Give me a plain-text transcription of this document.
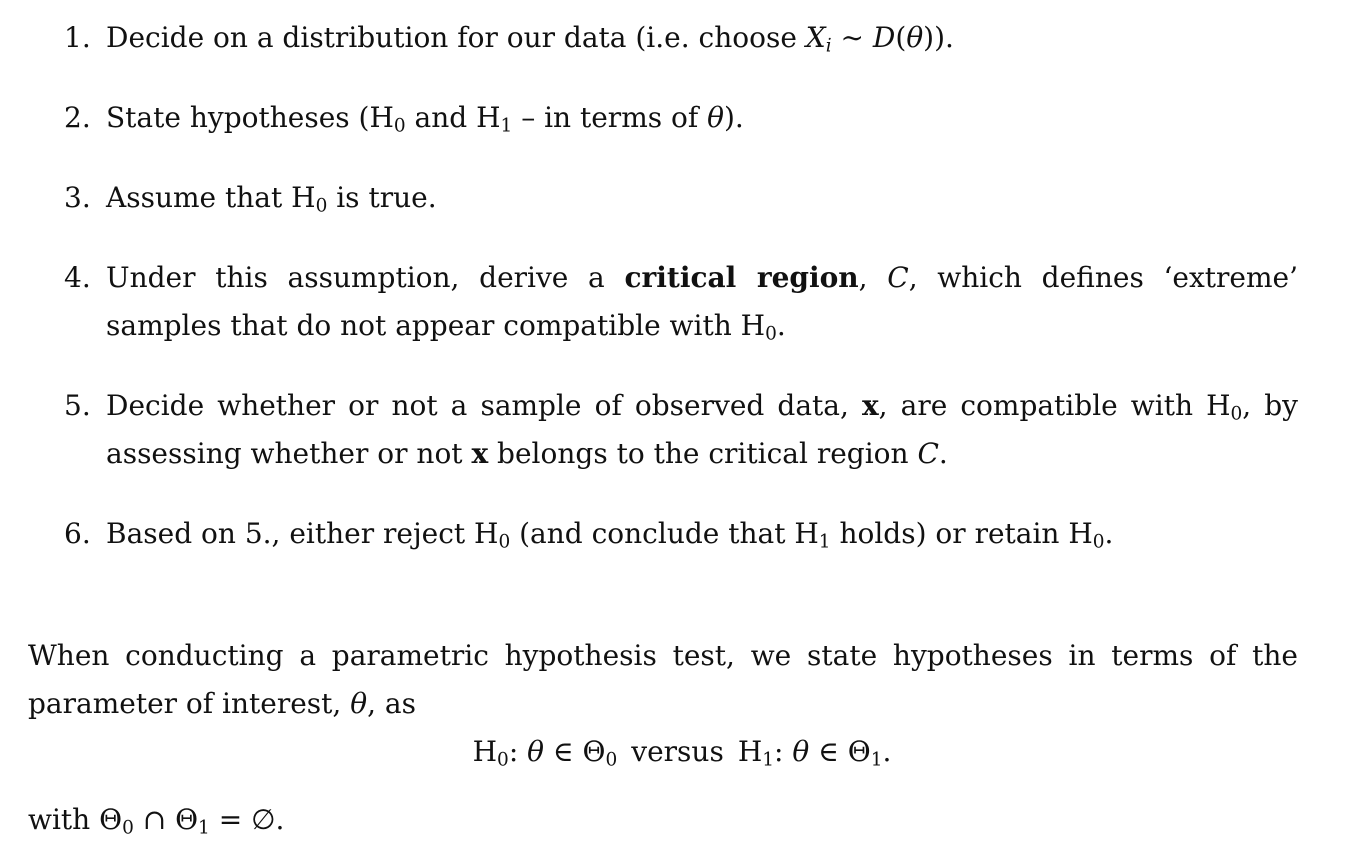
1. Decide on a distribution for our data (i.e. choose $X_i$ ∼ D(θ)).
2. State hypotheses ($H_0$ and $H_1$ – in terms of θ).
3. Assume that $H_0$ is true.
4. Under this assumption, derive a critical region, C, which defines ‘extreme’ samples that do not appear compatible with $H_0$.
5. Decide whether or not a sample of observed data, x, are compatible with $H_0$, by assessing whether or not x belongs to the critical region C.
6. Based on 5., either reject $H_0$ (and conclude that $H_1$ holds) or retain $H_0$.

When conducting a parametric hypothesis test, we state hypotheses in terms of the parameter of interest, θ, as

$H_0$: θ ∈ $\Theta_0$ versus $H_1$: θ ∈ $\Theta_1$.
with $\Theta_0$ ∩ $\Theta_1$ = ∅.
